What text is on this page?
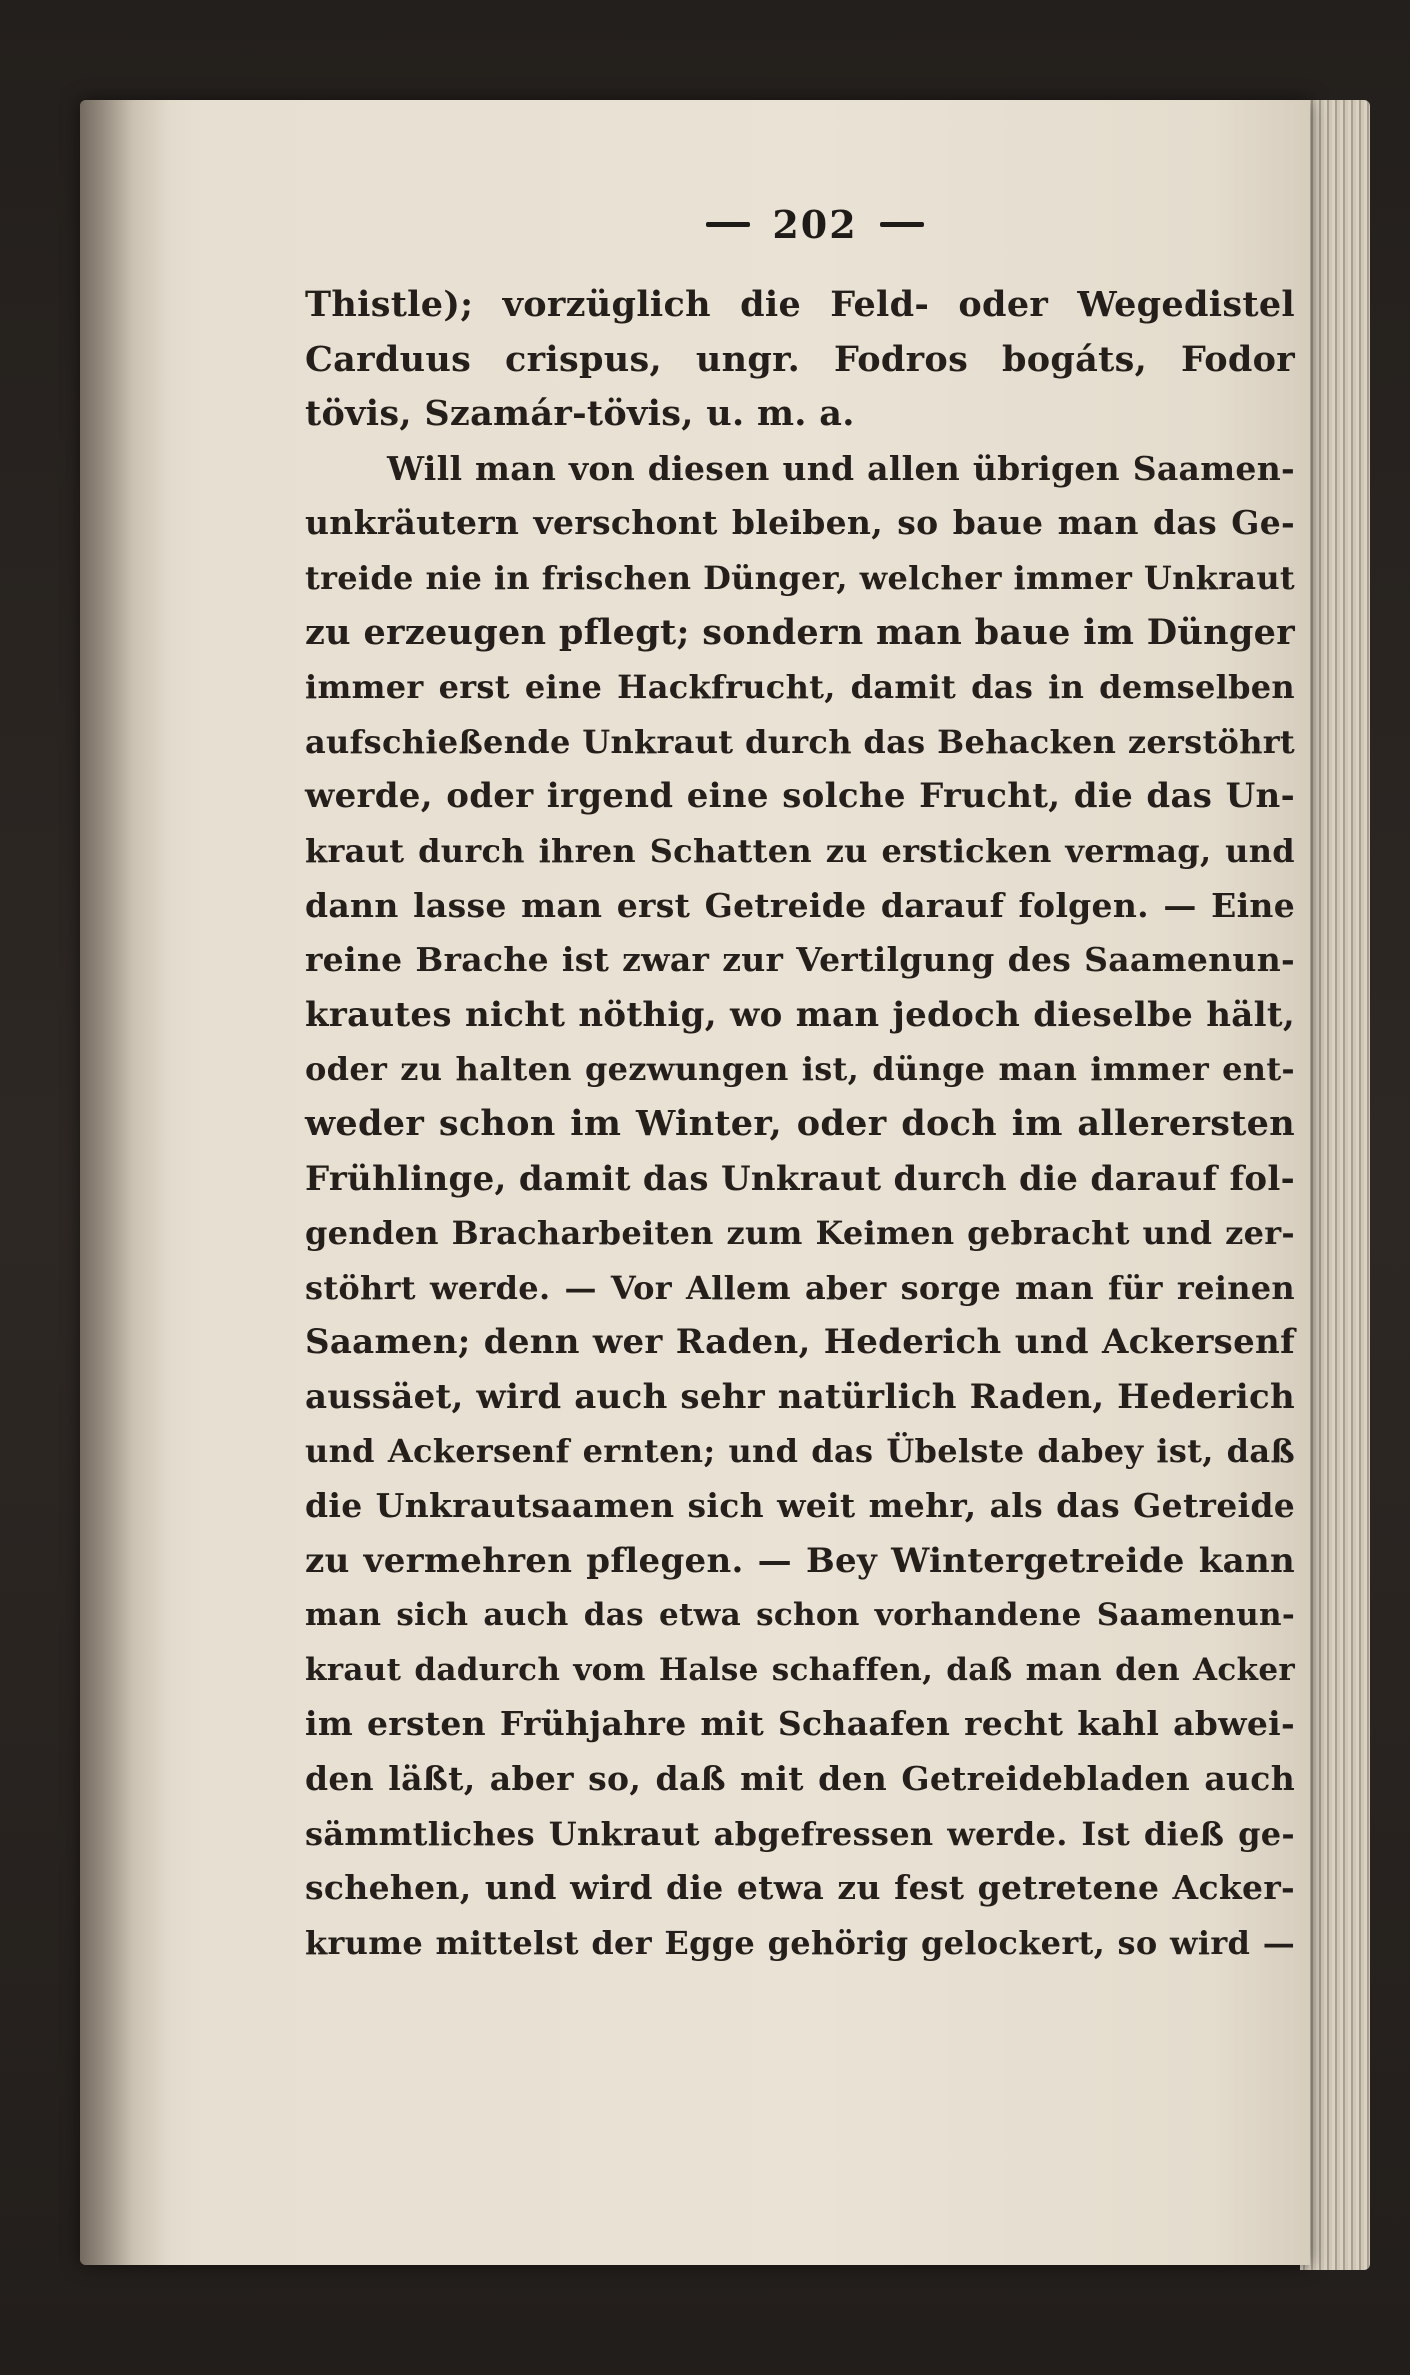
202
Thistle); vorzüglich die Feld- oder Wegedistel
Carduus crispus, ungr. Fodros bogáts, Fodor
tövis, Szamár-tövis, u. m. a.
Will man von diesen und allen übrigen Saamen-
unkräutern verschont bleiben, so baue man das Ge-
treide nie in frischen Dünger, welcher immer Unkraut
zu erzeugen pflegt; sondern man baue im Dünger
immer erst eine Hackfrucht, damit das in demselben
aufschießende Unkraut durch das Behacken zerstöhrt
werde, oder irgend eine solche Frucht, die das Un-
kraut durch ihren Schatten zu ersticken vermag, und
dann lasse man erst Getreide darauf folgen. — Eine
reine Brache ist zwar zur Vertilgung des Saamenun-
krautes nicht nöthig, wo man jedoch dieselbe hält,
oder zu halten gezwungen ist, dünge man immer ent-
weder schon im Winter, oder doch im allerersten
Frühlinge, damit das Unkraut durch die darauf fol-
genden Bracharbeiten zum Keimen gebracht und zer-
stöhrt werde. — Vor Allem aber sorge man für reinen
Saamen; denn wer Raden, Hederich und Ackersenf
aussäet, wird auch sehr natürlich Raden, Hederich
und Ackersenf ernten; und das Übelste dabey ist, daß
die Unkrautsaamen sich weit mehr, als das Getreide
zu vermehren pflegen. — Bey Wintergetreide kann
man sich auch das etwa schon vorhandene Saamenun-
kraut dadurch vom Halse schaffen, daß man den Acker
im ersten Frühjahre mit Schaafen recht kahl abwei-
den läßt, aber so, daß mit den Getreidebladen auch
sämmtliches Unkraut abgefressen werde. Ist dieß ge-
schehen, und wird die etwa zu fest getretene Acker-
krume mittelst der Egge gehörig gelockert, so wird —
